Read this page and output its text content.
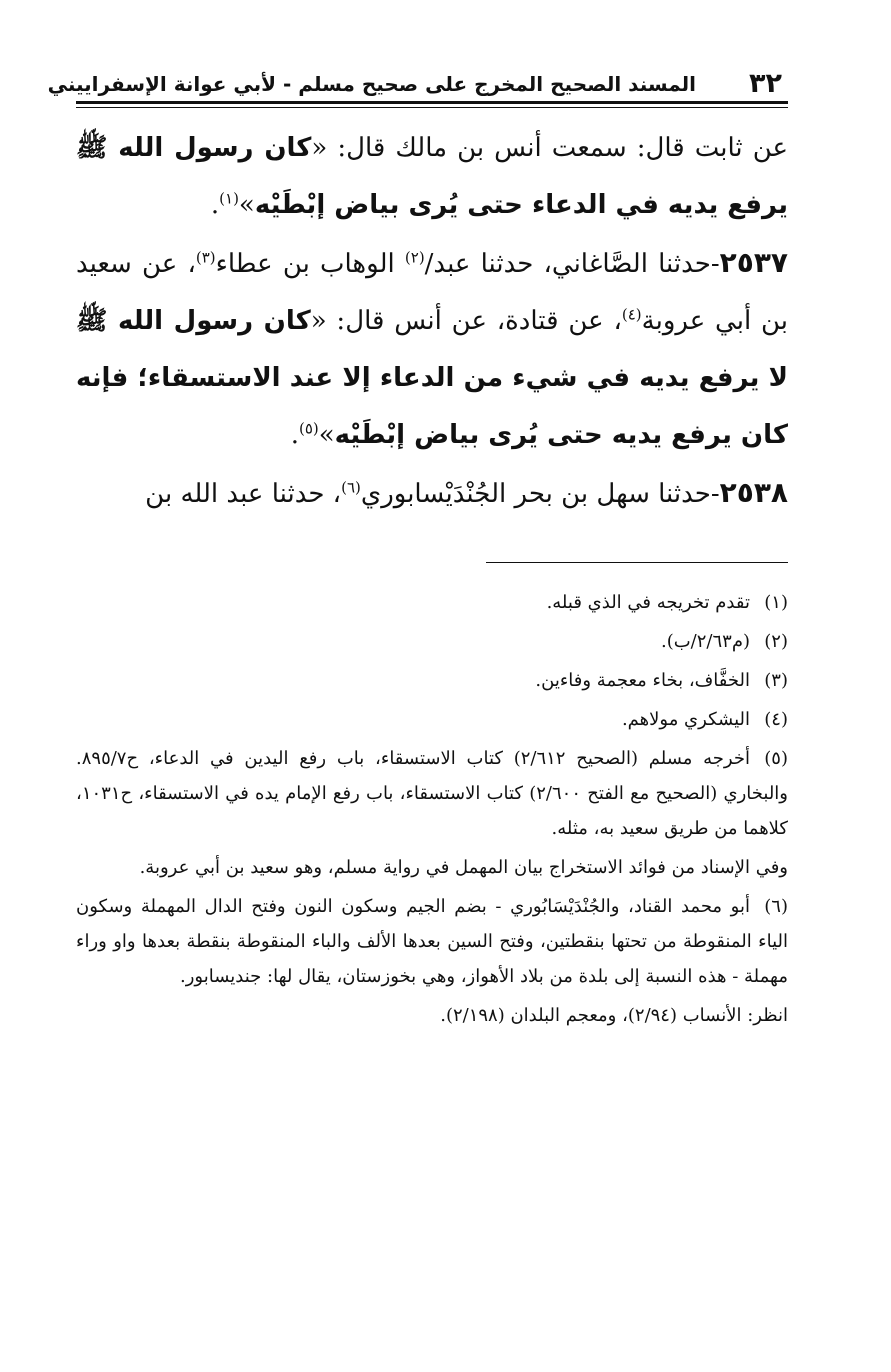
٣٢
المسند الصحيح المخرج على صحيح مسلم - لأبي عوانة الإسفراييني

عن ثابت قال: سمعت أنس بن مالك قال: «كان رسول الله ﷺ يرفع يديه في الدعاء حتى يُرى بياض إبْطَيْه»$^{(١)}$.

٢٥٣٧-حدثنا الصَّاغاني، حدثنا عبد/$^{(٢)}$ الوهاب بن عطاء$^{(٣)}$، عن سعيد بن أبي عروبة$^{(٤)}$، عن قتادة، عن أنس قال: «كان رسول الله ﷺ لا يرفع يديه في شيء من الدعاء إلا عند الاستسقاء؛ فإنه كان يرفع يديه حتى يُرى بياض إبْطَيْه»$^{(٥)}$.

٢٥٣٨-حدثنا سهل بن بحر الجُنْدَيْسابوري$^{(٦)}$، حدثنا عبد الله بن

(١)تقدم تخريجه في الذي قبله.

(٢)(م٢/٦٣/ب).

(٣)الخفَّاف، بخاء معجمة وفاءين.

(٤)اليشكري مولاهم.

(٥)أخرجه مسلم (الصحيح ٢/٦١٢) كتاب الاستسقاء، باب رفع اليدين في الدعاء، ح٨٩٥/٧. والبخاري (الصحيح مع الفتح ٢/٦٠٠) كتاب الاستسقاء، باب رفع الإمام يده في الاستسقاء، ح١٠٣١، كلاهما من طريق سعيد به، مثله.

وفي الإسناد من فوائد الاستخراج بيان المهمل في رواية مسلم، وهو سعيد بن أبي عروبة.

(٦)أبو محمد القناد، والجُنْدَيْسَابُوري - بضم الجيم وسكون النون وفتح الدال المهملة وسكون الياء المنقوطة من تحتها بنقطتين، وفتح السين بعدها الألف والباء المنقوطة بنقطة بعدها واو وراء مهملة - هذه النسبة إلى بلدة من بلاد الأهواز، وهي بخوزستان، يقال لها: جنديسابور.

انظر: الأنساب (٢/٩٤)، ومعجم البلدان (٢/١٩٨).
